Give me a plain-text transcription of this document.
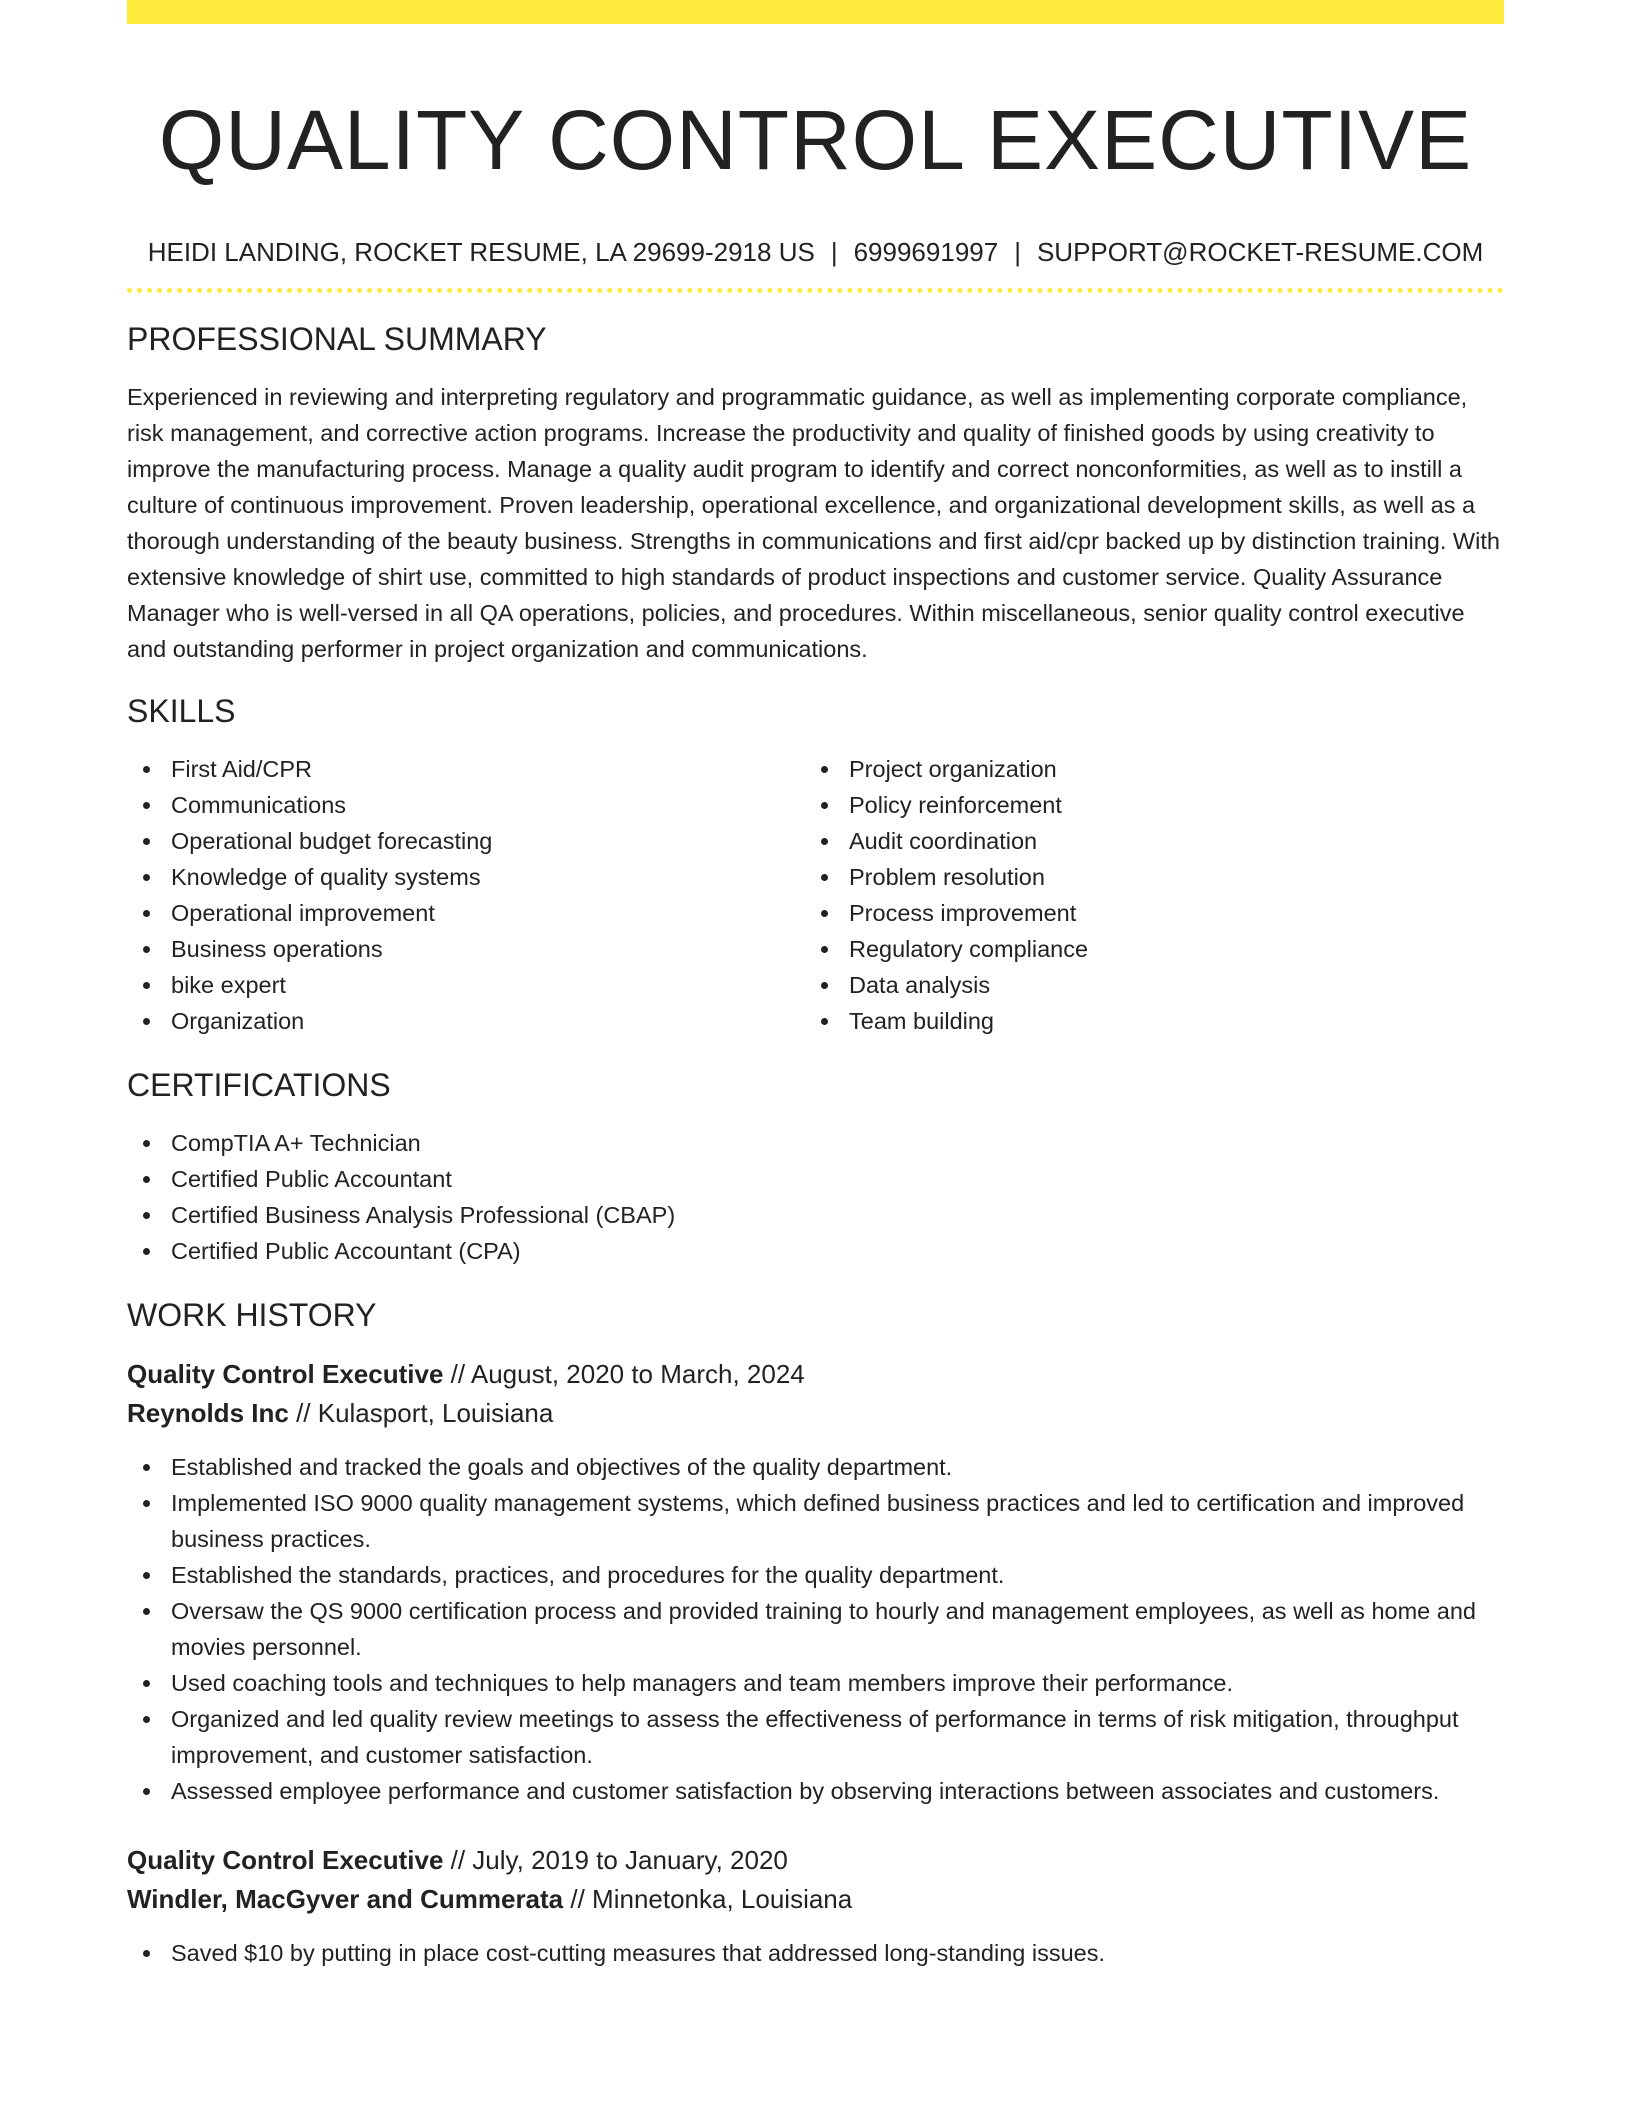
QUALITY CONTROL EXECUTIVE
HEIDI LANDING, ROCKET RESUME, LA 29699-2918 US | 6999691997 | SUPPORT@ROCKET-RESUME.COM
PROFESSIONAL SUMMARY
Experienced in reviewing and interpreting regulatory and programmatic guidance, as well as implementing corporate compliance, risk management, and corrective action programs. Increase the productivity and quality of finished goods by using creativity to improve the manufacturing process. Manage a quality audit program to identify and correct nonconformities, as well as to instill a culture of continuous improvement. Proven leadership, operational excellence, and organizational development skills, as well as a thorough understanding of the beauty business. Strengths in communications and first aid/cpr backed up by distinction training. With extensive knowledge of shirt use, committed to high standards of product inspections and customer service. Quality Assurance Manager who is well-versed in all QA operations, policies, and procedures. Within miscellaneous, senior quality control executive and outstanding performer in project organization and communications.
SKILLS
First Aid/CPR
Communications
Operational budget forecasting
Knowledge of quality systems
Operational improvement
Business operations
bike expert
Organization
Project organization
Policy reinforcement
Audit coordination
Problem resolution
Process improvement
Regulatory compliance
Data analysis
Team building
CERTIFICATIONS
CompTIA A+ Technician
Certified Public Accountant
Certified Business Analysis Professional (CBAP)
Certified Public Accountant (CPA)
WORK HISTORY
Quality Control Executive // August, 2020 to March, 2024
Reynolds Inc // Kulasport, Louisiana
Established and tracked the goals and objectives of the quality department.
Implemented ISO 9000 quality management systems, which defined business practices and led to certification and improved business practices.
Established the standards, practices, and procedures for the quality department.
Oversaw the QS 9000 certification process and provided training to hourly and management employees, as well as home and movies personnel.
Used coaching tools and techniques to help managers and team members improve their performance.
Organized and led quality review meetings to assess the effectiveness of performance in terms of risk mitigation, throughput improvement, and customer satisfaction.
Assessed employee performance and customer satisfaction by observing interactions between associates and customers.
Quality Control Executive // July, 2019 to January, 2020
Windler, MacGyver and Cummerata // Minnetonka, Louisiana
Saved $10 by putting in place cost-cutting measures that addressed long-standing issues.
